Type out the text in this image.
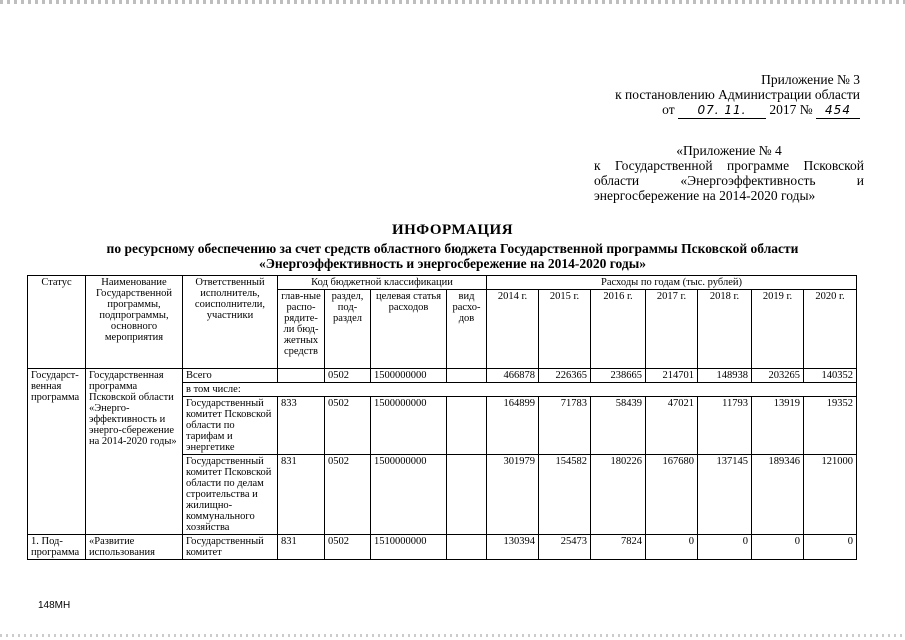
Приложение № 3
к постановлению Администрации области
от 07. 11. 2017 № 454
«Приложение № 4
к Государственной программе Псковской
области	«Энергоэффективность	и
энергосбережение на 2014-2020 годы»
ИНФОРМАЦИЯ
по ресурсному обеспечению за счет средств областного бюджета Государственной программы Псковской области
«Энергоэффективность и энергосбережение на 2014-2020 годы»
Статус	Наименование Государственной программы, подпрограммы, основного мероприятия	Ответственный исполнитель, соисполнители, участники	Код бюджетной классификации				Расходы по годам (тыс. рублей)						
			глав-ные распо-рядите-ли бюд-жетных средств	раздел, под-раздел	целевая статья расходов	вид расхо-дов	2014 г.	2015 г.	2016 г.	2017 г.	2018 г.	2019 г.	2020 г.
Государст-венная программа	Государственная программа Псковской области «Энерго-эффективность и энерго-сбережение на 2014-2020 годы»	Всего		0502	1500000000		466878	226365	238665	214701	148938	203265	140352
		в том числе:											
		Государственный комитет Псковской области по тарифам и энергетике	833	0502	1500000000		164899	71783	58439	47021	11793	13919	19352
		Государственный комитет Псковской области по делам строительства и жилищно-коммунального хозяйства	831	0502	1500000000		301979	154582	180226	167680	137145	189346	121000
1. Под-программа	«Развитие использования	Государственный комитет	831	0502	1510000000		130394	25473	7824	0	0	0	0
148МН
